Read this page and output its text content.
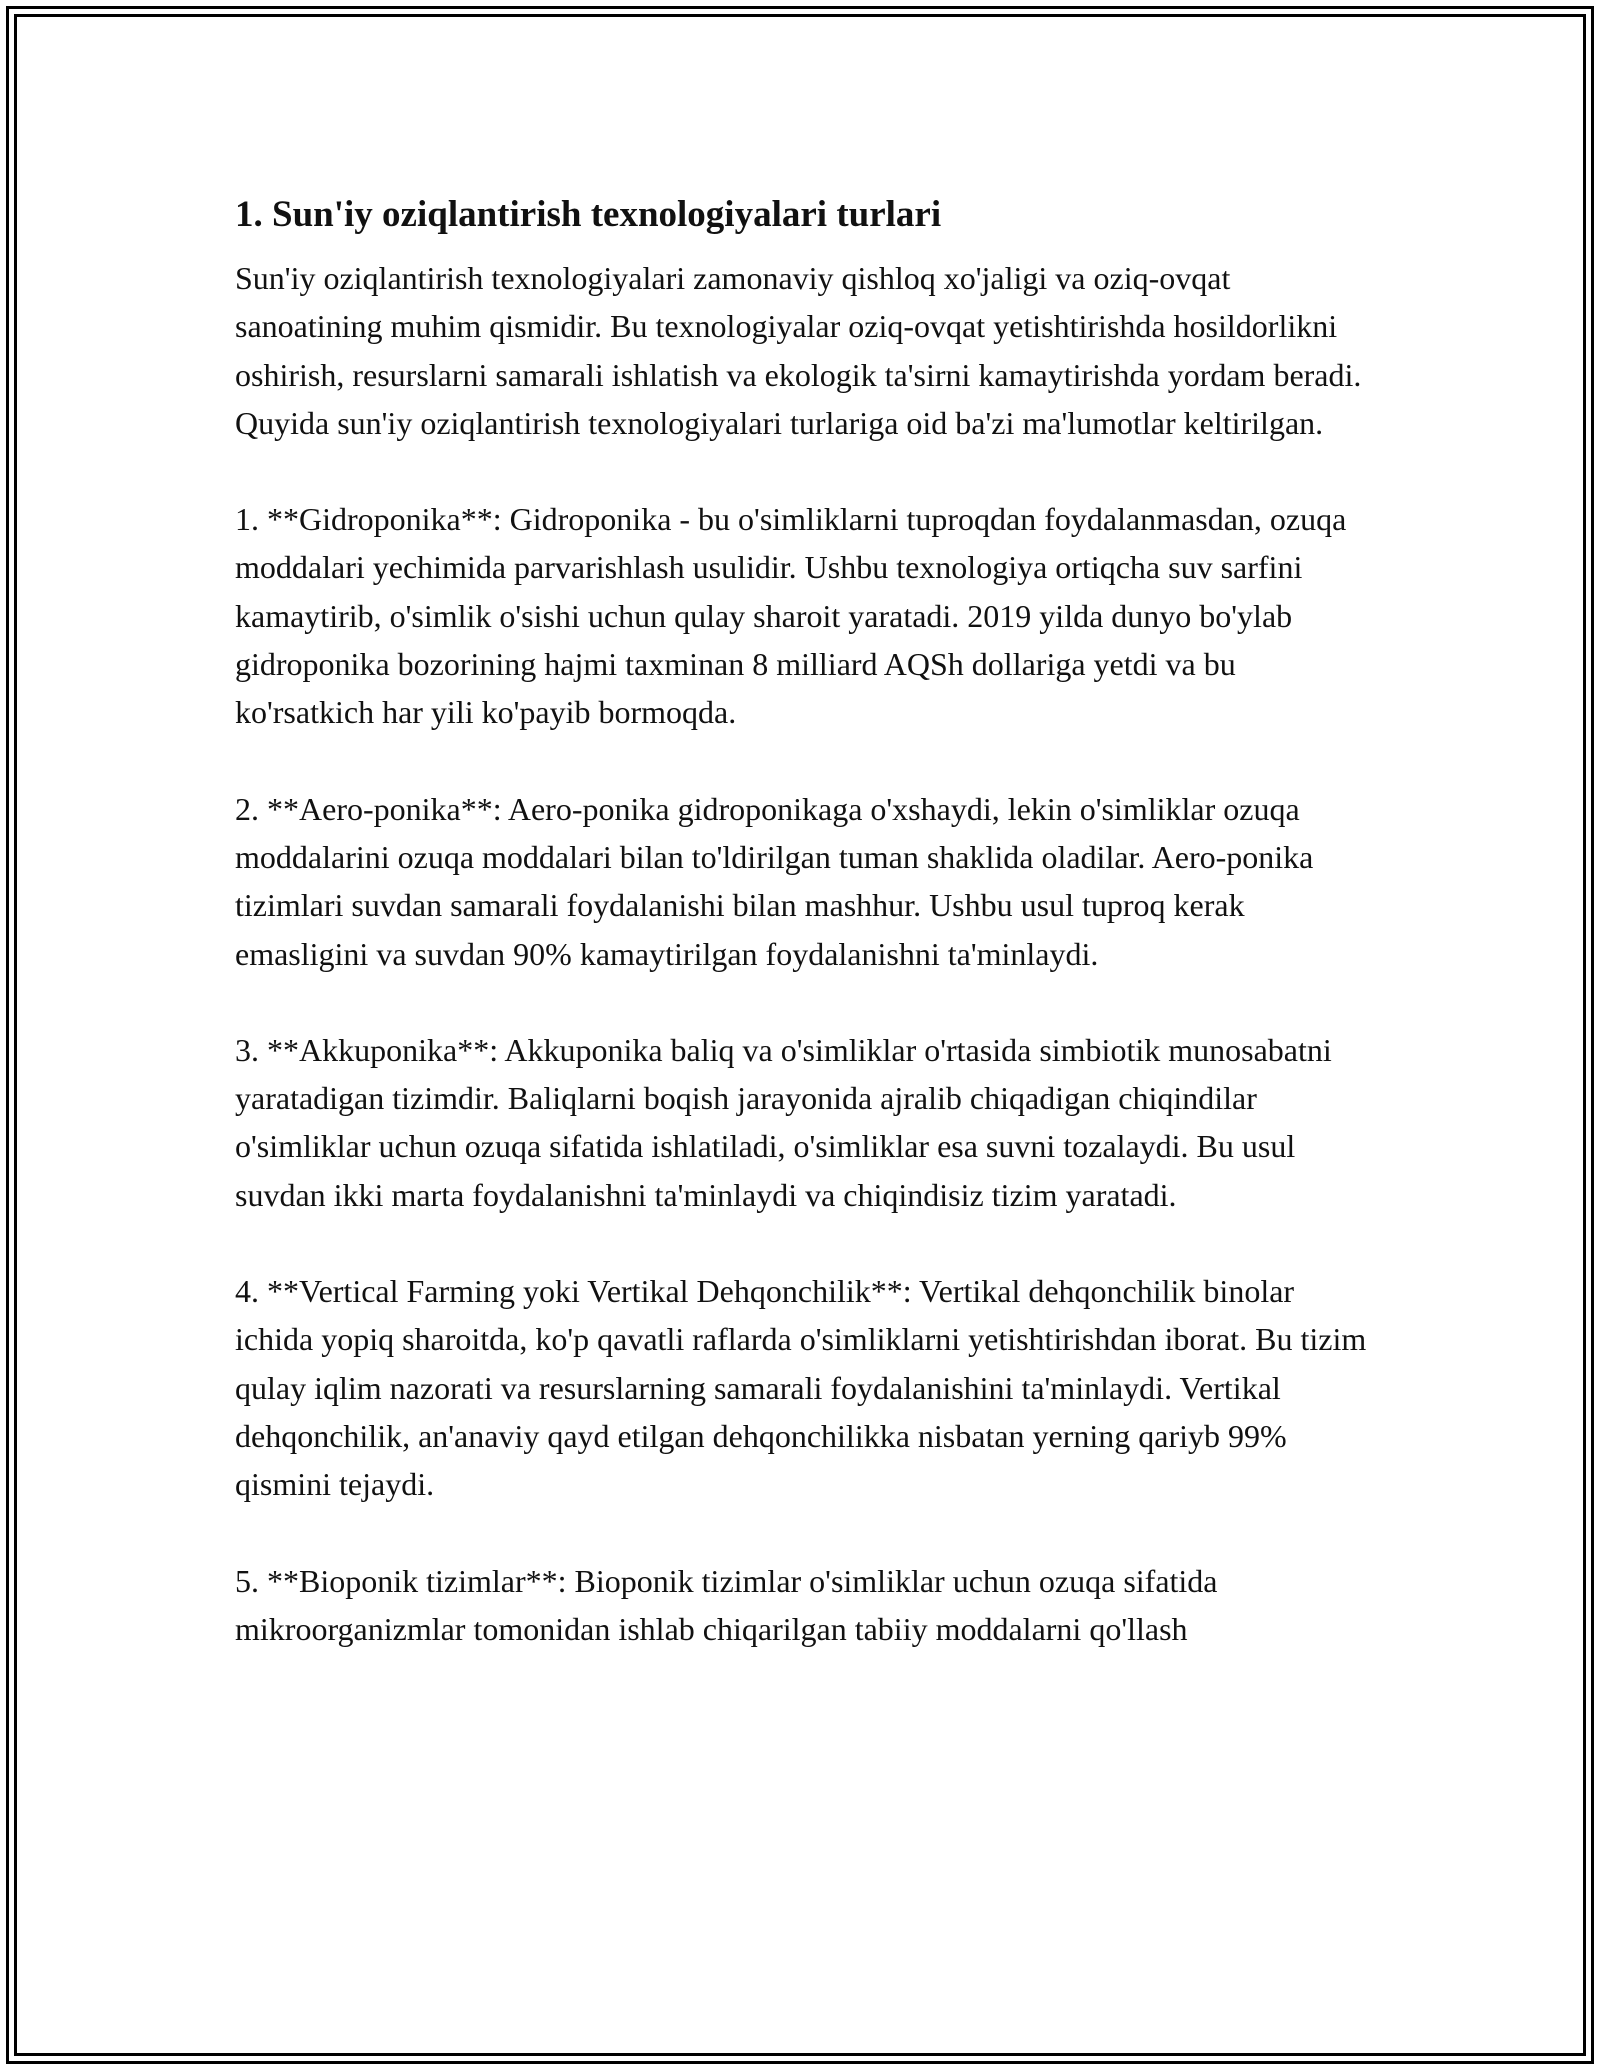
1. Sun'iy oziqlantirish texnologiyalari turlari

Sun'iy oziqlantirish texnologiyalari zamonaviy qishloq xo'jaligi va oziq-ovqat sanoatining muhim qismidir. Bu texnologiyalar oziq-ovqat yetishtirishda hosildorlikni oshirish, resurslarni samarali ishlatish va ekologik ta'sirni kamaytirishda yordam beradi. Quyida sun'iy oziqlantirish texnologiyalari turlariga oid ba'zi ma'lumotlar keltirilgan.

1. **Gidroponika**: Gidroponika - bu o'simliklarni tuproqdan foydalanmasdan, ozuqa moddalari yechimida parvarishlash usulidir. Ushbu texnologiya ortiqcha suv sarfini kamaytirib, o'simlik o'sishi uchun qulay sharoit yaratadi. 2019 yilda dunyo bo'ylab gidroponika bozorining hajmi taxminan 8 milliard AQSh dollariga yetdi va bu ko'rsatkich har yili ko'payib bormoqda.

2. **Aero-ponika**: Aero-ponika gidroponikaga o'xshaydi, lekin o'simliklar ozuqa moddalarini ozuqa moddalari bilan to'ldirilgan tuman shaklida oladilar. Aero-ponika tizimlari suvdan samarali foydalanishi bilan mashhur. Ushbu usul tuproq kerak emasligini va suvdan 90% kamaytirilgan foydalanishni ta'minlaydi.

3. **Akkuponika**: Akkuponika baliq va o'simliklar o'rtasida simbiotik munosabatni yaratadigan tizimdir. Baliqlarni boqish jarayonida ajralib chiqadigan chiqindilar o'simliklar uchun ozuqa sifatida ishlatiladi, o'simliklar esa suvni tozalaydi. Bu usul suvdan ikki marta foydalanishni ta'minlaydi va chiqindisiz tizim yaratadi.

4. **Vertical Farming yoki Vertikal Dehqonchilik**: Vertikal dehqonchilik binolar ichida yopiq sharoitda, ko'p qavatli raflarda o'simliklarni yetishtirishdan iborat. Bu tizim qulay iqlim nazorati va resurslarning samarali foydalanishini ta'minlaydi. Vertikal dehqonchilik, an'anaviy qayd etilgan dehqonchilikka nisbatan yerning qariyb 99% qismini tejaydi.

5. **Bioponik tizimlar**: Bioponik tizimlar o'simliklar uchun ozuqa sifatida mikroorganizmlar tomonidan ishlab chiqarilgan tabiiy moddalarni qo'llash
